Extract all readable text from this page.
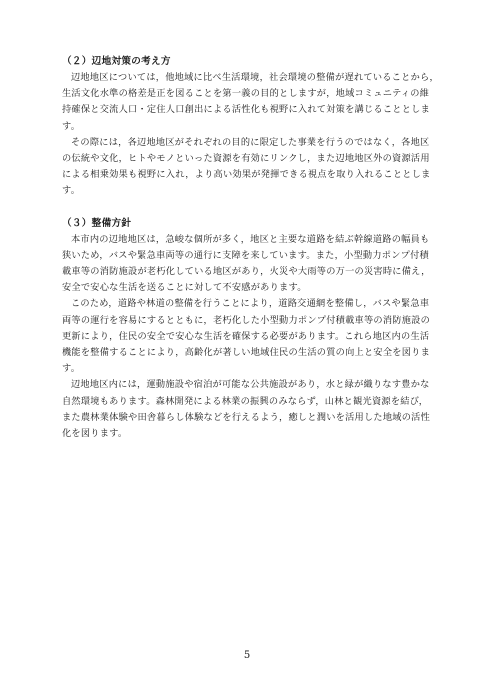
（２）辺地対策の考え方

辺地地区については，他地域に比べ生活環境，社会環境の整備が遅れていることから，
生活文化水準の格差是正を図ることを第一義の目的としますが，地域コミュニティの維
持確保と交流人口・定住人口創出による活性化も視野に入れて対策を講じることとしま
す。

その際には，各辺地地区がそれぞれの目的に限定した事業を行うのではなく，各地区
の伝統や文化，ヒトやモノといった資源を有効にリンクし，また辺地地区外の資源活用
による相乗効果も視野に入れ，より高い効果が発揮できる視点を取り入れることとしま
す。

（３）整備方針

本市内の辺地地区は，急峻な個所が多く，地区と主要な道路を結ぶ幹線道路の幅員も
狭いため，バスや緊急車両等の通行に支障を来しています。また，小型動力ポンプ付積
載車等の消防施設が老朽化している地区があり，火災や大雨等の万一の災害時に備え，
安全で安心な生活を送ることに対して不安感があります。

このため，道路や林道の整備を行うことにより，道路交通網を整備し，バスや緊急車
両等の運行を容易にするとともに，老朽化した小型動力ポンプ付積載車等の消防施設の
更新により，住民の安全で安心な生活を確保する必要があります。これら地区内の生活
機能を整備することにより，高齢化が著しい地域住民の生活の質の向上と安全を図りま
す。

辺地地区内には，運動施設や宿泊が可能な公共施設があり，水と緑が織りなす豊かな
自然環境もあります。森林開発による林業の振興のみならず，山林と観光資源を結び，
また農林業体験や田舎暮らし体験などを行えるよう，癒しと潤いを活用した地域の活性
化を図ります。

5
